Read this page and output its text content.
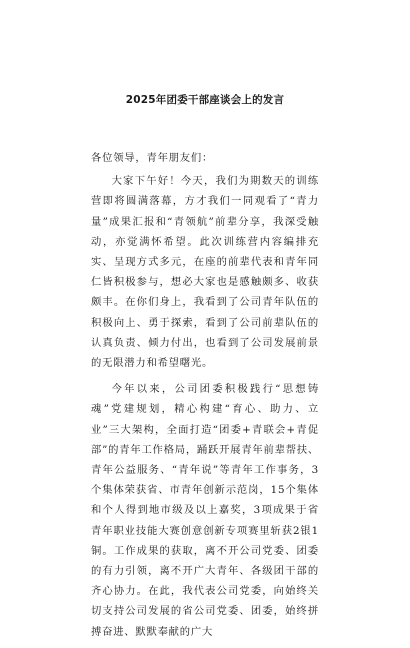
2025年团委干部座谈会上的发言

各位领导，青年朋友们：

大家下午好！今天，我们为期数天的训练营即将圆满落幕，方才我们一同观看了“青力量”成果汇报和“青领航”前辈分享，我深受触动，亦觉满怀希望。此次训练营内容编排充实、呈现方式多元，在座的前辈代表和青年同仁皆积极参与，想必大家也是感触颇多、收获颇丰。在你们身上，我看到了公司青年队伍的积极向上、勇于探索，看到了公司前辈队伍的认真负责、倾力付出，也看到了公司发展前景的无限潜力和希望曙光。

今年以来，公司团委积极践行“思想铸魂”党建规划，精心构建“育心、助力、立业”三大架构，全面打造“团委+青联会+青促部”的青年工作格局，踊跃开展青年前辈帮扶、青年公益服务、“青年说”等青年工作事务，3个集体荣获省、市青年创新示范岗，15个集体和个人得到地市级及以上嘉奖，3项成果于省青年职业技能大赛创意创新专项赛里斩获2银1铜。工作成果的获取，离不开公司党委、团委的有力引领，离不开广大青年、各级团干部的齐心协力。在此，我代表公司党委，向始终关切支持公司发展的省公司党委、团委，始终拼搏奋进、默默奉献的广大
